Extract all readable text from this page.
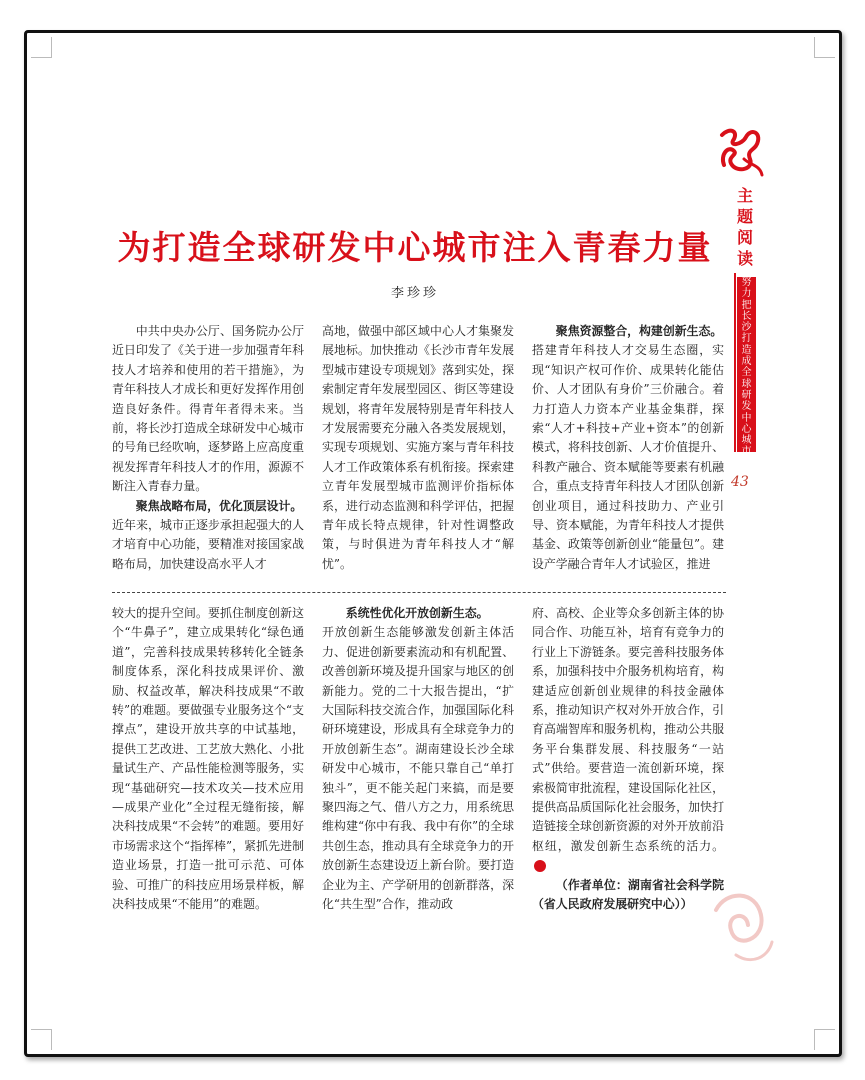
主题阅读
努力把长沙打造成全球研发中心城市
43
为打造全球研发中心城市注入青春力量
李珍珍

中共中央办公厅、国务院办公厅近日印发了《关于进一步加强青年科技人才培养和使用的若干措施》，为青年科技人才成长和更好发挥作用创造良好条件。得青年者得未来。当前，将长沙打造成全球研发中心城市的号角已经吹响，逐梦路上应高度重视发挥青年科技人才的作用，源源不断注入青春力量。

聚焦战略布局，优化顶层设计。

近年来，城市正逐步承担起强大的人才培育中心功能，要精准对接国家战略布局，加快建设高水平人才

高地，做强中部区域中心人才集聚发展地标。加快推动《长沙市青年发展型城市建设专项规划》落到实处，探索制定青年发展型园区、街区等建设规划，将青年发展特别是青年科技人才发展需要充分融入各类发展规划，实现专项规划、实施方案与青年科技人才工作政策体系有机衔接。探索建立青年发展型城市监测评价指标体系，进行动态监测和科学评估，把握青年成长特点规律，针对性调整政策，与时俱进为青年科技人才“解忧”。

聚焦资源整合，构建创新生态。

搭建青年科技人才交易生态圈，实现“知识产权可作价、成果转化能估价、人才团队有身价”三价融合。着力打造人力资本产业基金集群，探索“人才+科技+产业+资本”的创新模式，将科技创新、人才价值提升、科教产融合、资本赋能等要素有机融合，重点支持青年科技人才团队创新创业项目，通过科技助力、产业引导、资本赋能，为青年科技人才提供基金、政策等创新创业“能量包”。建设产学融合青年人才试验区，推进

较大的提升空间。要抓住制度创新这个“牛鼻子”，建立成果转化“绿色通道”，完善科技成果转移转化全链条制度体系，深化科技成果评价、激励、权益改革，解决科技成果“不敢转”的难题。要做强专业服务这个“支撑点”，建设开放共享的中试基地，提供工艺改进、工艺放大熟化、小批量试生产、产品性能检测等服务，实现“基础研究—技术攻关—技术应用—成果产业化”全过程无缝衔接，解决科技成果“不会转”的难题。要用好市场需求这个“指挥棒”，紧抓先进制造业场景，打造一批可示范、可体验、可推广的科技应用场景样板，解决科技成果“不能用”的难题。

系统性优化开放创新生态。

开放创新生态能够激发创新主体活力、促进创新要素流动和有机配置、改善创新环境及提升国家与地区的创新能力。党的二十大报告提出，“扩大国际科技交流合作，加强国际化科研环境建设，形成具有全球竞争力的开放创新生态”。湖南建设长沙全球研发中心城市，不能只靠自己“单打独斗”，更不能关起门来搞，而是要聚四海之气、借八方之力，用系统思维构建“你中有我、我中有你”的全球共创生态，推动具有全球竞争力的开放创新生态建设迈上新台阶。要打造企业为主、产学研用的创新群落，深化“共生型”合作，推动政

府、高校、企业等众多创新主体的协同合作、功能互补，培育有竞争力的行业上下游链条。要完善科技服务体系，加强科技中介服务机构培育，构建适应创新创业规律的科技金融体系，推动知识产权对外开放合作，引育高端智库和服务机构，推动公共服务平台集群发展、科技服务“一站式”供给。要营造一流创新环境，探索极简审批流程，建设国际化社区，提供高品质国际化社会服务，加快打造链接全球创新资源的对外开放前沿枢纽，激发创新生态系统的活力。

（作者单位：湖南省社会科学院（省人民政府发展研究中心））
